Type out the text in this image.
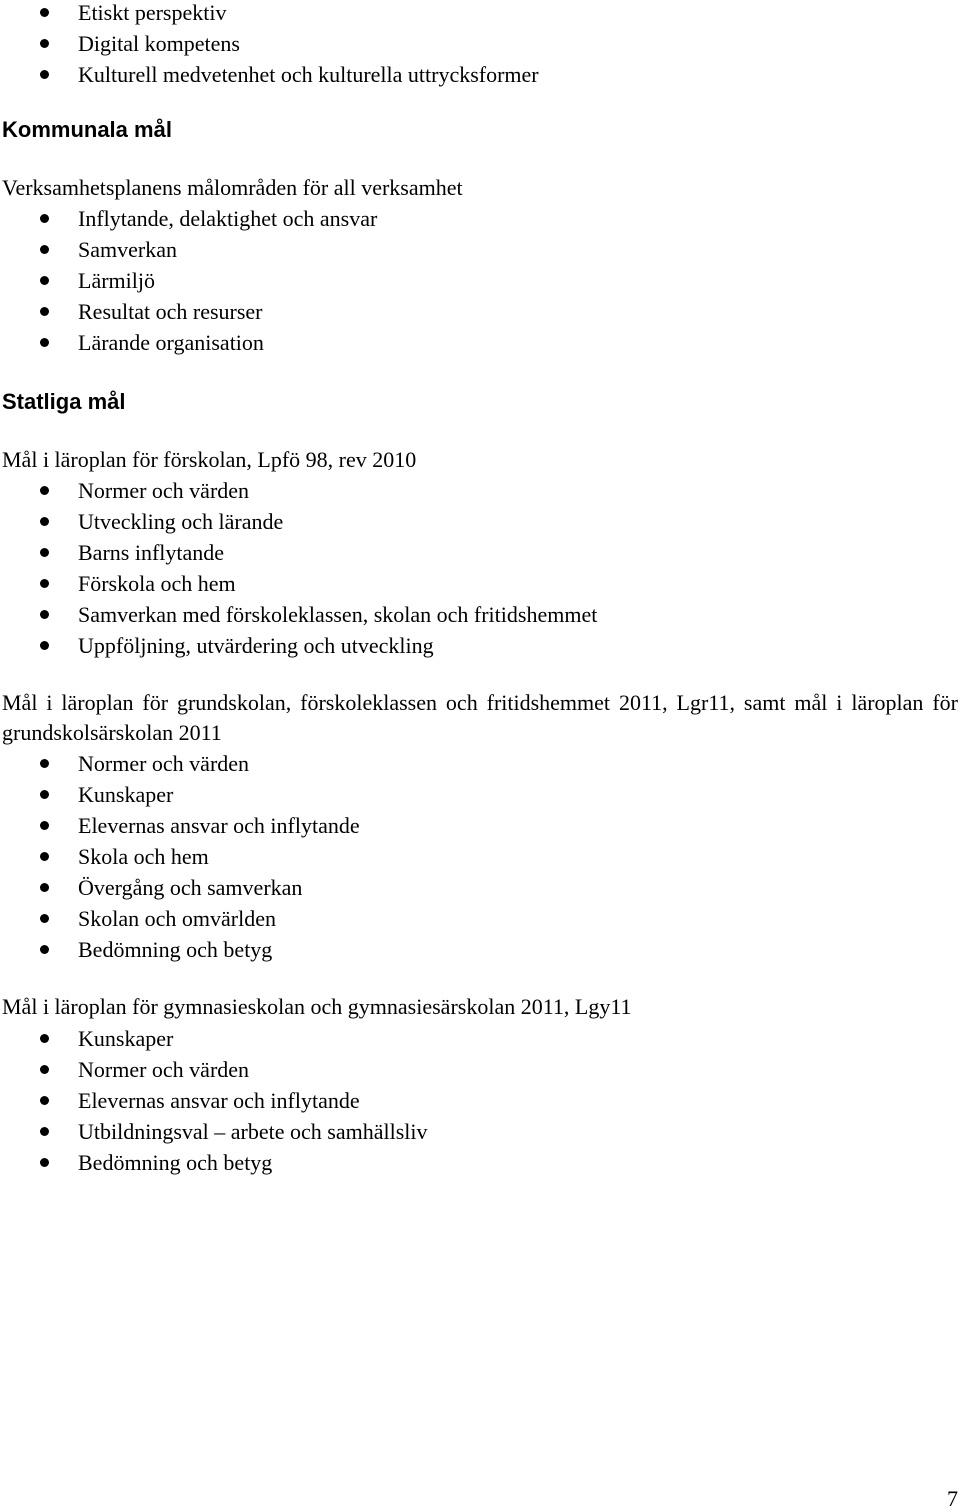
Etiskt perspektiv
Digital kompetens
Kulturell medvetenhet och kulturella uttrycksformer
Kommunala mål

Verksamhetsplanens målområden för all verksamhet

Inflytande, delaktighet och ansvar
Samverkan
Lärmiljö
Resultat och resurser
Lärande organisation
Statliga mål

Mål i läroplan för förskolan, Lpfö 98, rev 2010

Normer och värden
Utveckling och lärande
Barns inflytande
Förskola och hem
Samverkan med förskoleklassen, skolan och fritidshemmet
Uppföljning, utvärdering och utveckling

Mål i läroplan för grundskolan, förskoleklassen och fritidshemmet 2011, Lgr11, samt mål i läroplan för grundskolsärskolan 2011

Normer och värden
Kunskaper
Elevernas ansvar och inflytande
Skola och hem
Övergång och samverkan
Skolan och omvärlden
Bedömning och betyg

Mål i läroplan för gymnasieskolan och gymnasiesärskolan 2011, Lgy11

Kunskaper
Normer och värden
Elevernas ansvar och inflytande
Utbildningsval – arbete och samhällsliv
Bedömning och betyg
7
